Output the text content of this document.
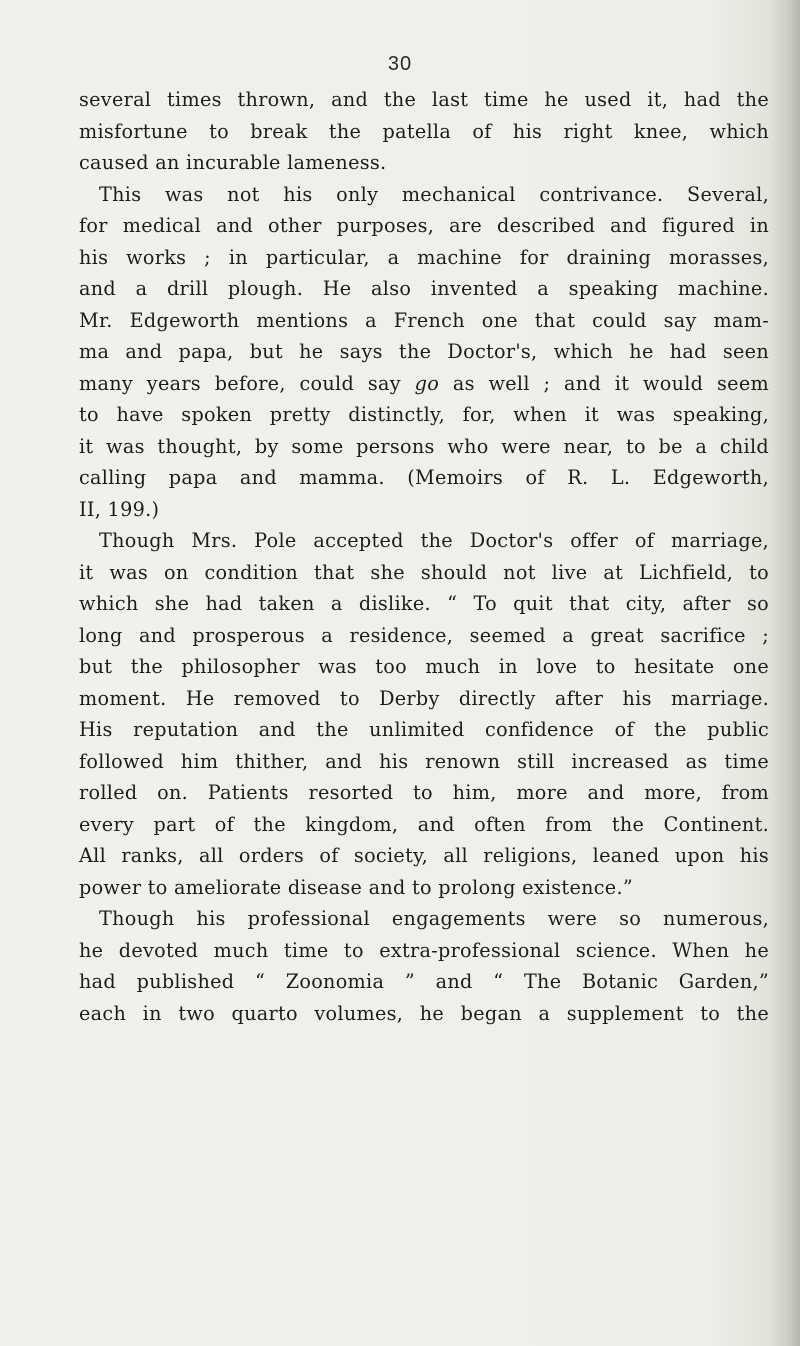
30
several times thrown, and the last time he used it, had the
misfortune to break the patella of his right knee, which
caused an incurable lameness.
This was not his only mechanical contrivance. Several,
for medical and other purposes, are described and figured in
his works ; in particular, a machine for draining morasses,
and a drill plough. He also invented a speaking machine.
Mr. Edgeworth mentions a French one that could say mam-
ma and papa, but he says the Doctor's, which he had seen
many years before, could say go as well ; and it would seem
to have spoken pretty distinctly, for, when it was speaking,
it was thought, by some persons who were near, to be a child
calling papa and mamma. (Memoirs of R. L. Edgeworth,
II, 199.)
Though Mrs. Pole accepted the Doctor's offer of marriage,
it was on condition that she should not live at Lichfield, to
which she had taken a dislike. “ To quit that city, after so
long and prosperous a residence, seemed a great sacrifice ;
but the philosopher was too much in love to hesitate one
moment. He removed to Derby directly after his marriage.
His reputation and the unlimited confidence of the public
followed him thither, and his renown still increased as time
rolled on. Patients resorted to him, more and more, from
every part of the kingdom, and often from the Continent.
All ranks, all orders of society, all religions, leaned upon his
power to ameliorate disease and to prolong existence.”
Though his professional engagements were so numerous,
he devoted much time to extra-professional science. When he
had published “ Zoonomia ” and “ The Botanic Garden,”
each in two quarto volumes, he began a supplement to the
